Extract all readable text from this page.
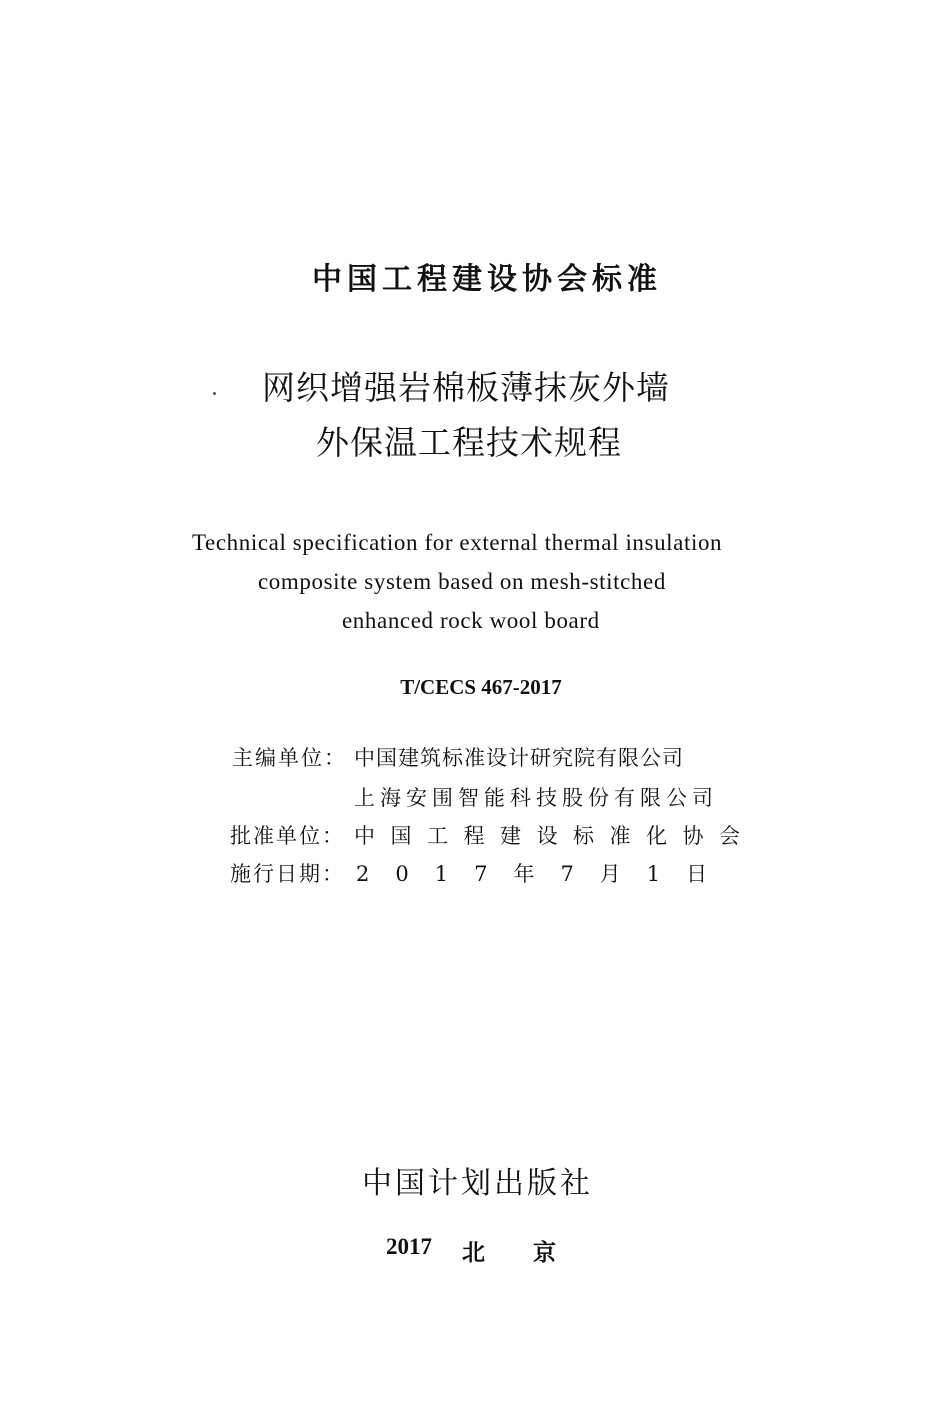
中国工程建设协会标准
网织增强岩棉板薄抹灰外墙
外保温工程技术规程
Technical specification for external thermal insulation
composite system based on mesh-stitched
enhanced rock wool board
T/CECS 467-2017
主编单位： 中国建筑标准设计研究院有限公司
上海安围智能科技股份有限公司
批准单位： 中国工程建设标准化协会
施行日期： 2017年7月1日
中国计划出版社
2017 北京
